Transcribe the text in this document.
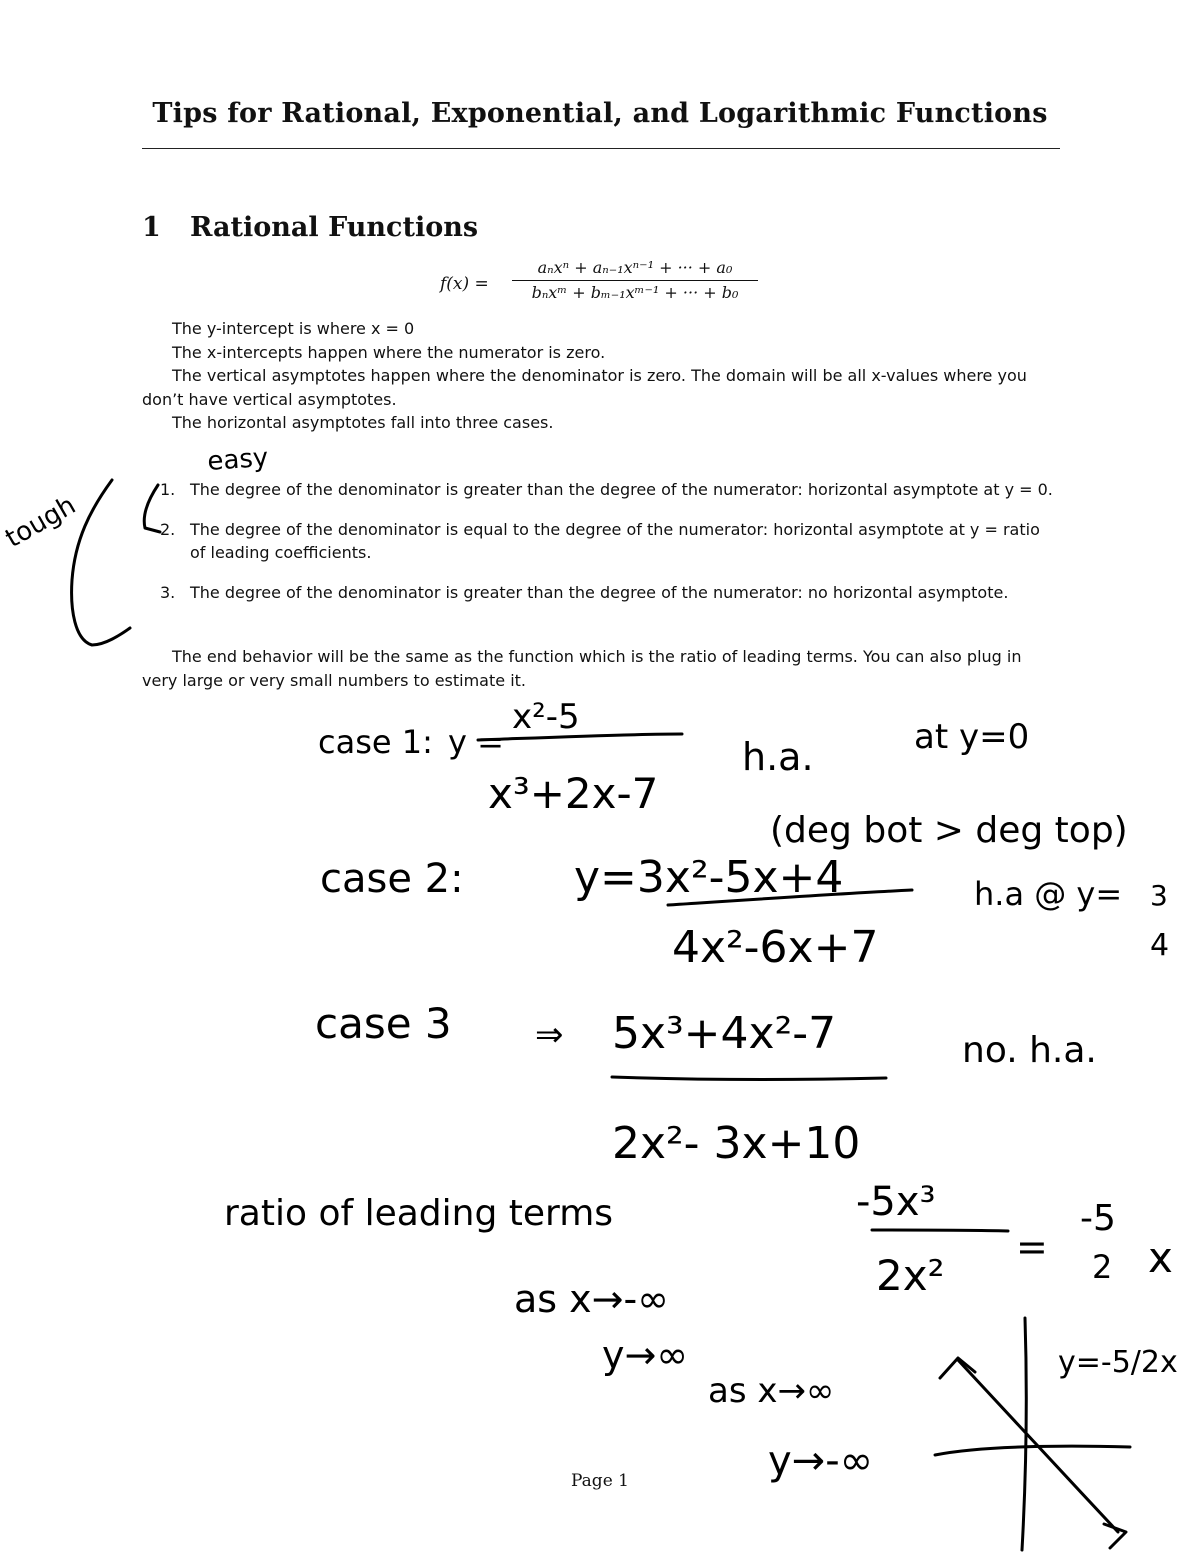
Tips for Rational, Exponential, and Logarithmic Functions
1 Rational Functions
f(x) =
aₙxⁿ + aₙ₋₁xⁿ⁻¹ + ··· + a₀
bₙxᵐ + bₘ₋₁xᵐ⁻¹ + ··· + b₀
The y-intercept is where x = 0
The x-intercepts happen where the numerator is zero.
The vertical asymptotes happen where the denominator is zero. The domain will be all x-values where you don’t have vertical asymptotes.
The horizontal asymptotes fall into three cases.
1. The degree of the denominator is greater than the degree of the numerator: horizontal asymptote at y = 0.
2. The degree of the denominator is equal to the degree of the numerator: horizontal asymptote at y = ratio of leading coefficients.
3. The degree of the denominator is greater than the degree of the numerator: no horizontal asymptote.
The end behavior will be the same as the function which is the ratio of leading terms. You can also plug in very large or very small numbers to estimate it.
easy
tough
case 1: y =
x²-5
x³+2x-7
h.a.	at y=0
(deg bot > deg top)
case 2:	y=3x²-5x+4
4x²-6x+7
h.a @ y= 3
4
case 3 ⇒ 5x³+4x²-7
2x²- 3x+10
no. h.a.
ratio of leading terms	-5x³
2x²
=
-5
2 x
as x→-∞
y→∞
as x→∞
y→-∞
y=-5/2x
Page 1
